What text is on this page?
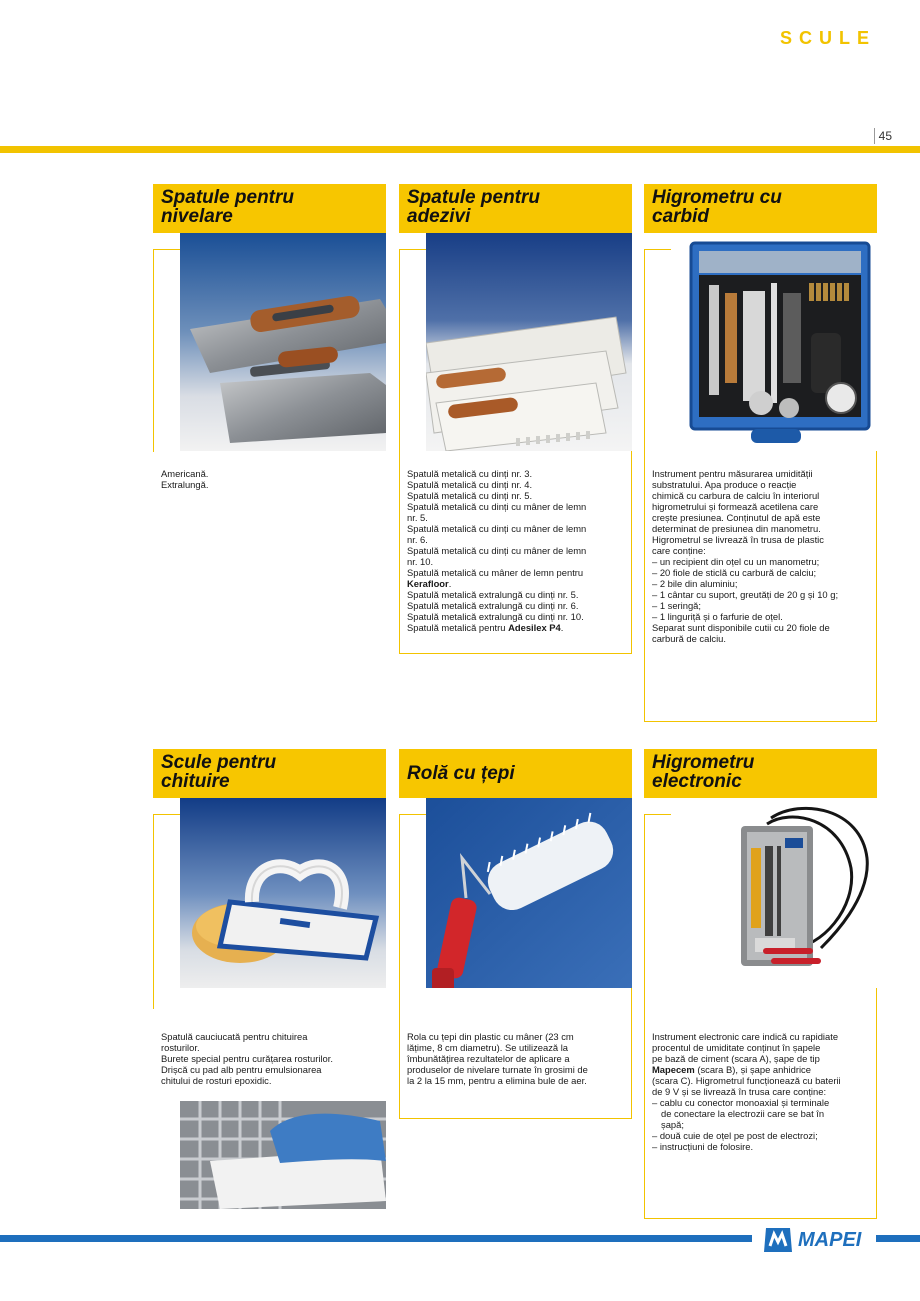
SCULE
45
Spatule pentru
nivelare
Americană.
Extralungă.
Spatule pentru
adezivi
Spatulă metalică cu dinți nr. 3.
Spatulă metalică cu dinți nr. 4.
Spatulă metalică cu dinți nr. 5.
Spatulă metalică cu dinți cu mâner de lemn
nr. 5.
Spatulă metalică cu dinți cu mâner de lemn
nr. 6.
Spatulă metalică cu dinți cu mâner de lemn
nr. 10.
Spatulă metalică cu mâner de lemn pentru
Kerafloor.
Spatulă metalică extralungă cu dinți nr. 5.
Spatulă metalică extralungă cu dinți nr. 6.
Spatulă metalică extralungă cu dinți nr. 10.
Spatulă metalică pentru Adesilex P4.
Higrometru cu
carbid
Instrument pentru măsurarea umidității
substratului. Apa produce o reacție
chimică cu carbura de calciu în interiorul
higrometrului și formează acetilena care
crește presiunea. Conținutul de apă este
determinat de presiunea din manometru.
Higrometrul se livrează în trusa de plastic
care conține:
– un recipient din oțel cu un manometru;
– 20 fiole de sticlă cu carbură de calciu;
– 2 bile din aluminiu;
– 1 cântar cu suport, greutăți de 20 g și 10 g;
– 1 seringă;
– 1 linguriță și o farfurie de oțel.
Separat sunt disponibile cutii cu 20 fiole de
carbură de calciu.
Scule pentru
chituire
Spatulă cauciucată pentru chituirea
rosturilor.
Burete special pentru curățarea rosturilor.
Drișcă cu pad alb pentru emulsionarea
chitului de rosturi epoxidic.
Rolă cu țepi
Rola cu țepi din plastic cu mâner (23 cm
lățime, 8 cm diametru). Se utilizează la
îmbunătățirea rezultatelor de aplicare a
produselor de nivelare turnate în grosimi de
la 2 la 15 mm, pentru a elimina bule de aer.
Higrometru
electronic
Instrument electronic care indică cu rapidiate
procentul de umiditate conținut în șapele
pe bază de ciment (scara A), șape de tip
Mapecem (scara B), și șape anhidrice
(scara C). Higrometrul funcționează cu baterii
de 9 V și se livrează în trusa care conține:
– cablu cu conector monoaxial și terminale
de conectare la electrozii care se bat în
șapă;
– două cuie de oțel pe post de electrozi;
– instrucțiuni de folosire.
MAPEI
